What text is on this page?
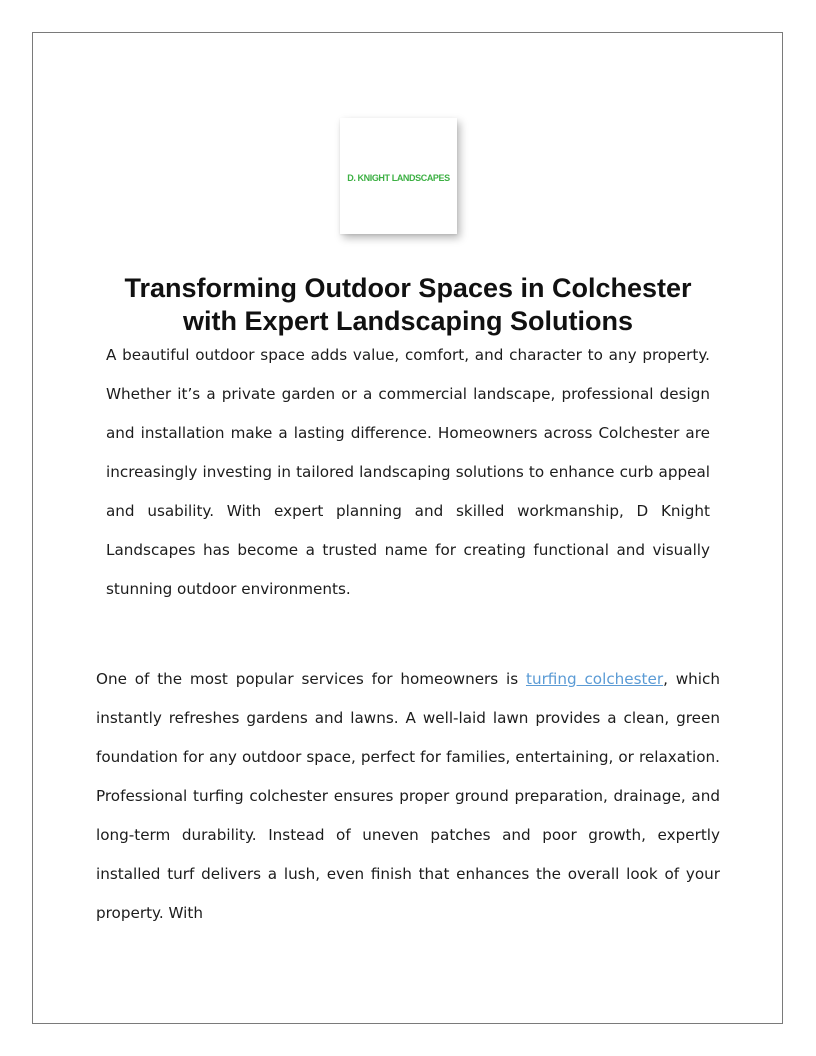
D. KNIGHT LANDSCAPES
Transforming Outdoor Spaces in Colchester with Expert Landscaping Solutions

A beautiful outdoor space adds value, comfort, and character to any property. Whether it’s a private garden or a commercial landscape, professional design and installation make a lasting difference. Homeowners across Colchester are increasingly investing in tailored landscaping solutions to enhance curb appeal and usability. With expert planning and skilled workmanship, D Knight Landscapes has become a trusted name for creating functional and visually stunning outdoor environments.

One of the most popular services for homeowners is turfing colchester, which instantly refreshes gardens and lawns. A well-laid lawn provides a clean, green foundation for any outdoor space, perfect for families, entertaining, or relaxation. Professional turfing colchester ensures proper ground preparation, drainage, and long-term durability. Instead of uneven patches and poor growth, expertly installed turf delivers a lush, even finish that enhances the overall look of your property. With
